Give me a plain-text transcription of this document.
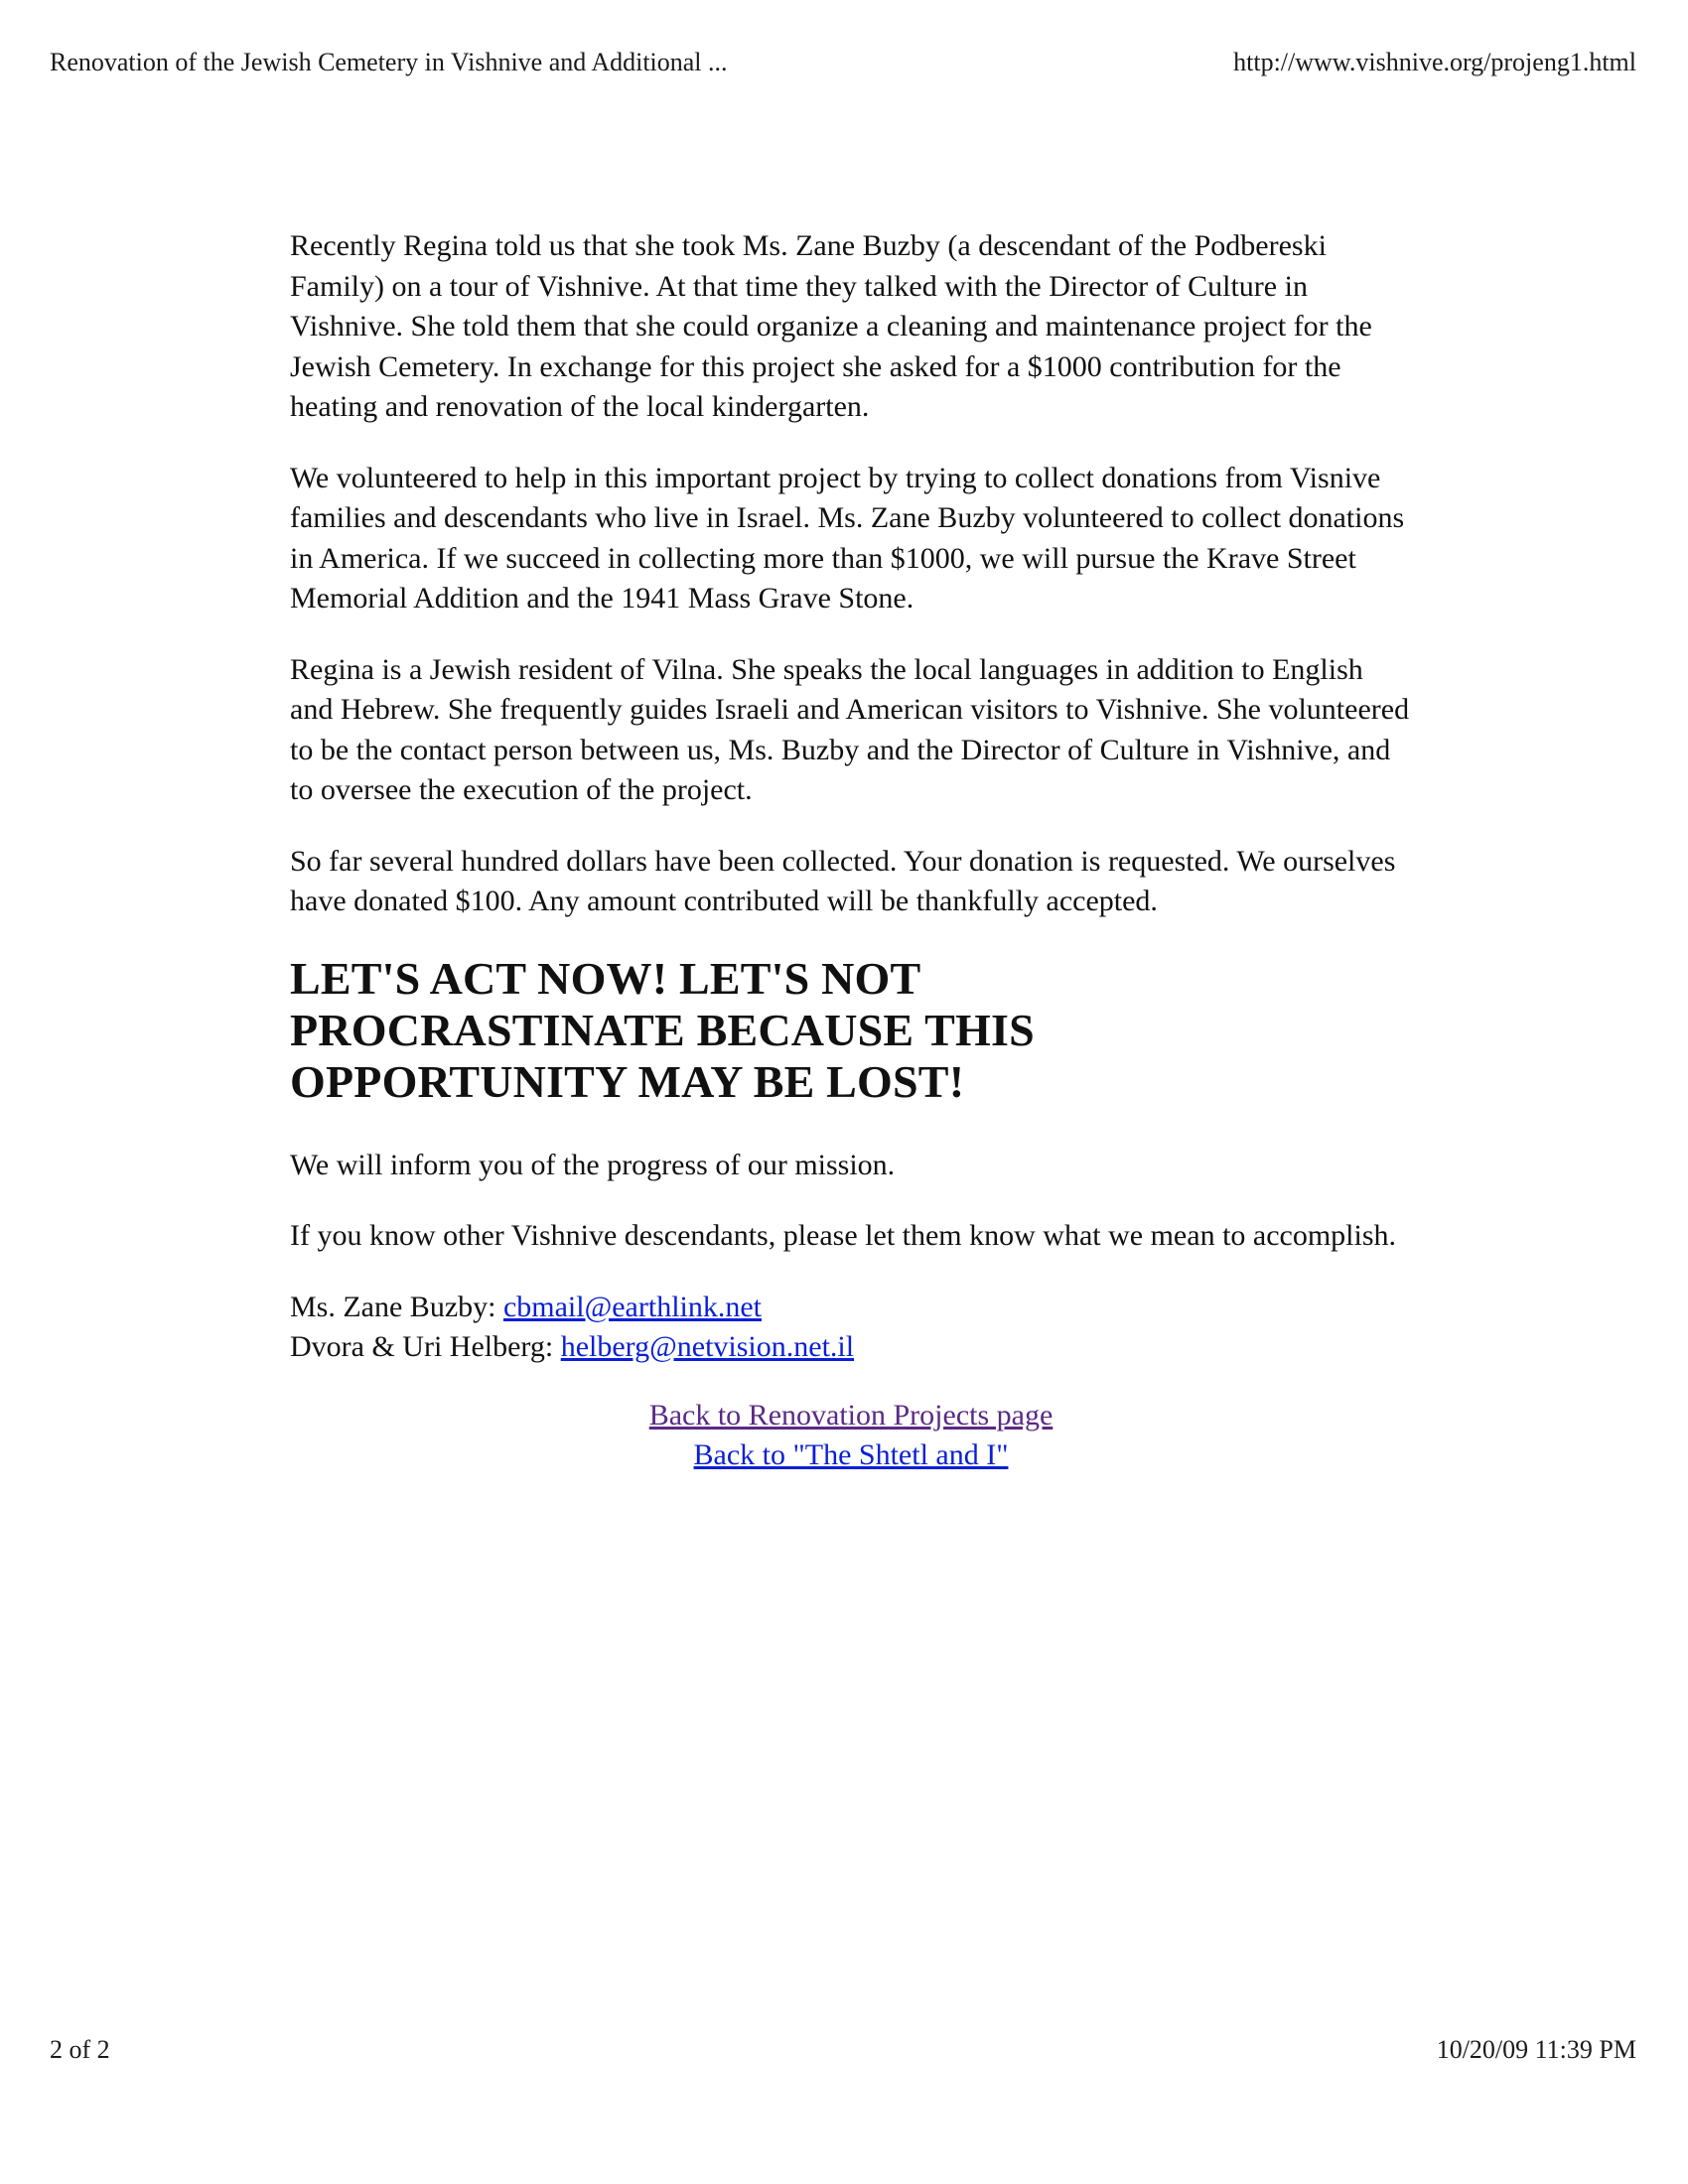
Renovation of the Jewish Cemetery in Vishnive and Additional ...	http://www.vishnive.org/projeng1.html

Recently Regina told us that she took Ms. Zane Buzby (a descendant of the Podbereski Family) on a tour of Vishnive. At that time they talked with the Director of Culture in Vishnive. She told them that she could organize a cleaning and maintenance project for the Jewish Cemetery. In exchange for this project she asked for a $1000 contribution for the heating and renovation of the local kindergarten.

We volunteered to help in this important project by trying to collect donations from Visnive families and descendants who live in Israel. Ms. Zane Buzby volunteered to collect donations in America. If we succeed in collecting more than $1000, we will pursue the Krave Street Memorial Addition and the 1941 Mass Grave Stone.

Regina is a Jewish resident of Vilna. She speaks the local languages in addition to English and Hebrew. She frequently guides Israeli and American visitors to Vishnive. She volunteered to be the contact person between us, Ms. Buzby and the Director of Culture in Vishnive, and to oversee the execution of the project.

So far several hundred dollars have been collected. Your donation is requested. We ourselves have donated $100. Any amount contributed will be thankfully accepted.

LET'S ACT NOW! LET'S NOT
PROCRASTINATE BECAUSE THIS
OPPORTUNITY MAY BE LOST!

We will inform you of the progress of our mission.

If you know other Vishnive descendants, please let them know what we mean to accomplish.

Ms. Zane Buzby: cbmail@earthlink.net
Dvora & Uri Helberg: helberg@netvision.net.il
Back to Renovation Projects page
Back to "The Shtetl and I"
2 of 2	10/20/09 11:39 PM
